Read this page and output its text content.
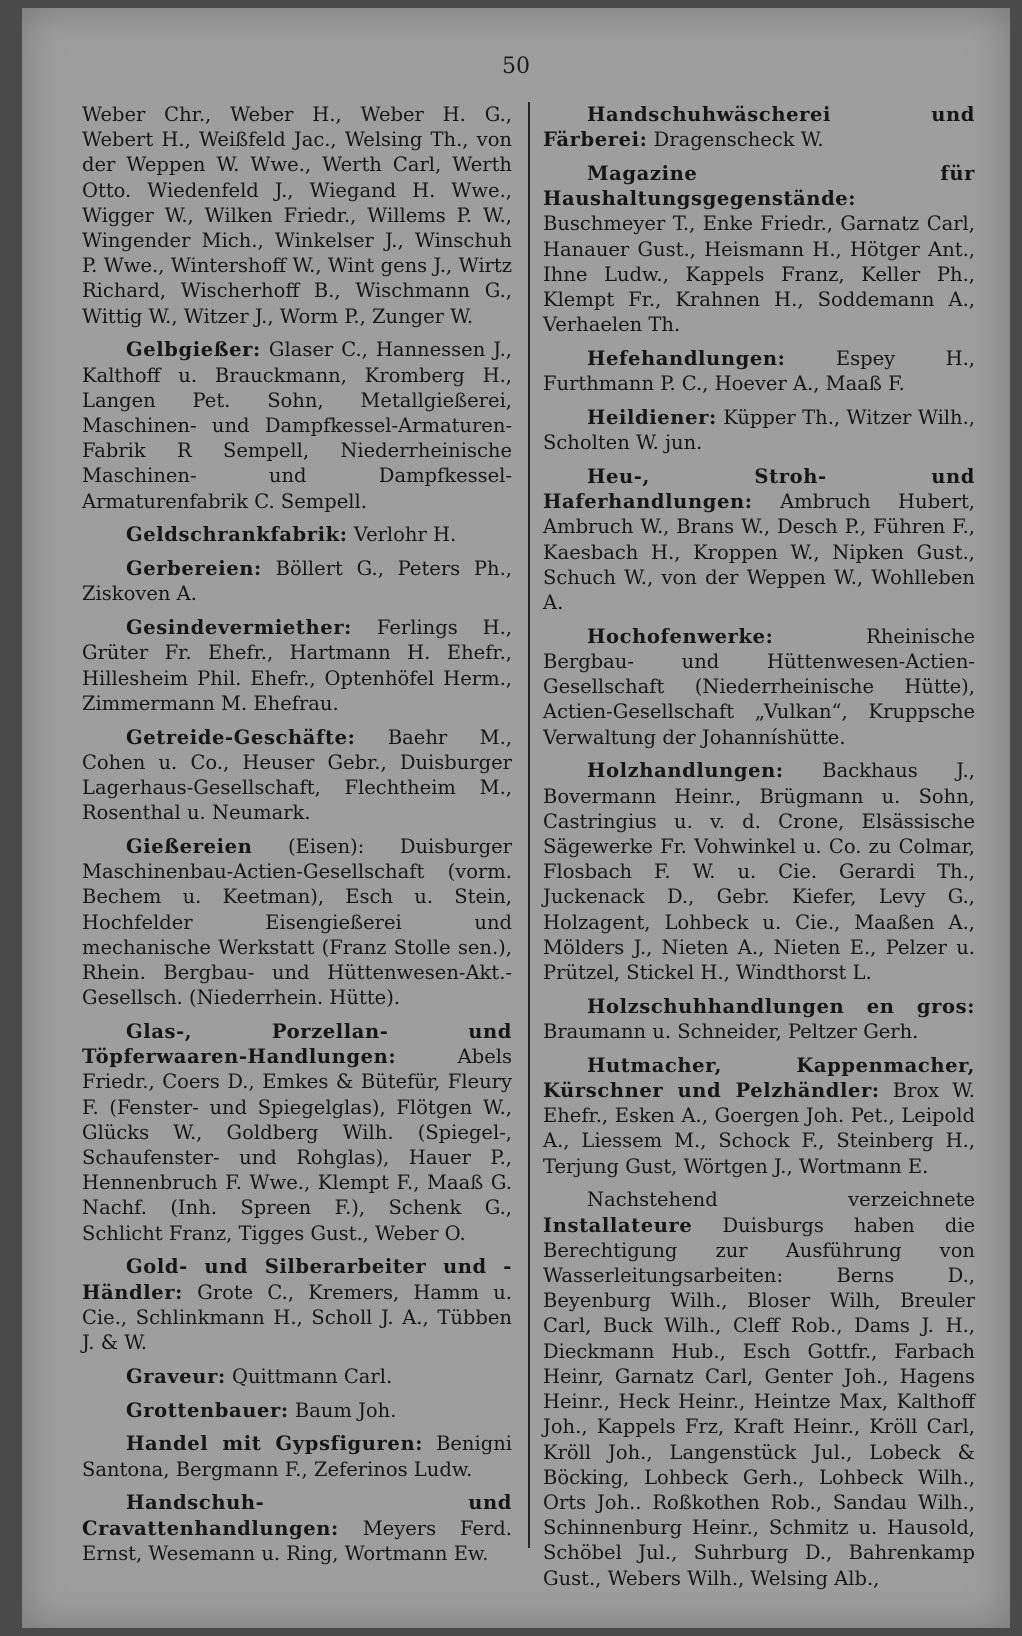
50

Weber Chr., Weber H., Weber H. G., Webert H., Weißfeld Jac., Welsing Th., von der Weppen W. Wwe., Werth Carl, Werth Otto. Wiedenfeld J., Wiegand H. Wwe., Wigger W., Wilken Friedr., Willems P. W., Wingender Mich., Winkelser J., Winschuh P. Wwe., Wintershoff W., Wint gens J., Wirtz Richard, Wischerhoff B., Wischmann G., Wittig W., Witzer J., Worm P., Zunger W.

Gelbgießer: Glaser C., Hannessen J., Kalthoff u. Brauckmann, Kromberg H., Langen Pet. Sohn, Metallgießerei, Maschinen- und Dampfkessel-Armaturen-Fabrik R Sempell, Niederrheinische Maschinen- und Dampfkessel-Armaturenfabrik C. Sempell.

Geldschrankfabrik: Verlohr H.

Gerbereien: Böllert G., Peters Ph., Ziskoven A.

Gesindevermiether: Ferlings H., Grüter Fr. Ehefr., Hartmann H. Ehefr., Hillesheim Phil. Ehefr., Optenhöfel Herm., Zimmermann M. Ehefrau.

Getreide-Geschäfte: Baehr M., Cohen u. Co., Heuser Gebr., Duisburger Lagerhaus-Gesellschaft, Flechtheim M., Rosenthal u. Neumark.

Gießereien (Eisen): Duisburger Maschinenbau-Actien-Gesellschaft (vorm. Bechem u. Keetman), Esch u. Stein, Hochfelder Eisengießerei und mechanische Werkstatt (Franz Stolle sen.), Rhein. Bergbau- und Hüttenwesen-Akt.-Gesellsch. (Niederrhein. Hütte).

Glas-, Porzellan- und Töpferwaaren-Handlungen:	Abels Friedr., Coers D., Emkes & Bütefür, Fleury F. (Fenster- und Spiegelglas), Flötgen W., Glücks W., Goldberg Wilh. (Spiegel-, Schaufenster- und Rohglas), Hauer P., Hennenbruch F. Wwe., Klempt F., Maaß G. Nachf. (Inh. Spreen F.), Schenk G., Schlicht Franz, Tigges Gust., Weber O.

Gold- und Silberarbeiter und -Händler: Grote C., Kremers, Hamm u. Cie., Schlinkmann H., Scholl J. A., Tübben J. & W.

Graveur: Quittmann Carl.

Grottenbauer: Baum Joh.

Handel mit Gypsfiguren: Benigni Santona, Bergmann F., Zeferinos Ludw.

Handschuh- und Cravattenhandlungen: Meyers Ferd. Ernst, Wesemann u. Ring, Wortmann Ew.

Handschuhwäscherei und Färberei: Dragenscheck W.

Magazine für Haushaltungsgegenstände: Buschmeyer T., Enke Friedr., Garnatz Carl, Hanauer Gust., Heismann H., Hötger Ant., Ihne Ludw., Kappels Franz, Keller Ph., Klempt Fr., Krahnen H., Soddemann A., Verhaelen Th.

Hefehandlungen:	Espey H., Furthmann P. C., Hoever A., Maaß F.

Heildiener: Küpper Th., Witzer Wilh., Scholten W. jun.

Heu-, Stroh- und Haferhandlungen: Ambruch Hubert, Ambruch W., Brans W., Desch P., Führen F., Kaesbach H., Kroppen W., Nipken Gust., Schuch W., von der Weppen W., Wohlleben A.

Hochofenwerke:	Rheinische Bergbau- und Hüttenwesen-Actien-Gesellschaft (Niederrheinische Hütte), Actien-Gesellschaft „Vulkan“, Kruppsche Verwaltung der Johanníshütte.

Holzhandlungen: Backhaus J., Bovermann Heinr., Brügmann u. Sohn, Castringius u. v. d. Crone, Elsässische Sägewerke Fr. Vohwinkel u. Co. zu Colmar, Flosbach F. W. u. Cie. Gerardi Th., Juckenack D., Gebr. Kiefer, Levy G., Holzagent, Lohbeck u. Cie., Maaßen A., Mölders J., Nieten A., Nieten E., Pelzer u. Prützel, Stickel H., Windthorst L.

Holzschuhhandlungen en gros: Braumann u. Schneider, Peltzer Gerh.

Hutmacher, Kappenmacher, Kürschner und Pelzhändler: Brox W. Ehefr., Esken A., Goergen Joh. Pet., Leipold A., Liessem M., Schock F., Steinberg H., Terjung Gust, Wörtgen J., Wortmann E.

Nachstehend verzeichnete Installateure Duisburgs haben die Berechtigung zur Ausführung von Wasserleitungsarbeiten:	Berns D., Beyenburg Wilh., Bloser Wilh, Breuler Carl, Buck Wilh., Cleff Rob., Dams J. H., Dieckmann Hub., Esch Gottfr., Farbach Heinr, Garnatz Carl, Genter Joh., Hagens Heinr., Heck Heinr., Heintze Max, Kalthoff Joh., Kappels Frz, Kraft Heinr., Kröll Carl, Kröll Joh., Langenstück Jul., Lobeck & Böcking, Lohbeck Gerh., Lohbeck Wilh., Orts Joh.. Roßkothen Rob., Sandau Wilh., Schinnenburg Heinr., Schmitz u. Hausold, Schöbel Jul., Suhrburg D., Bahrenkamp Gust., Webers Wilh., Welsing Alb.,
